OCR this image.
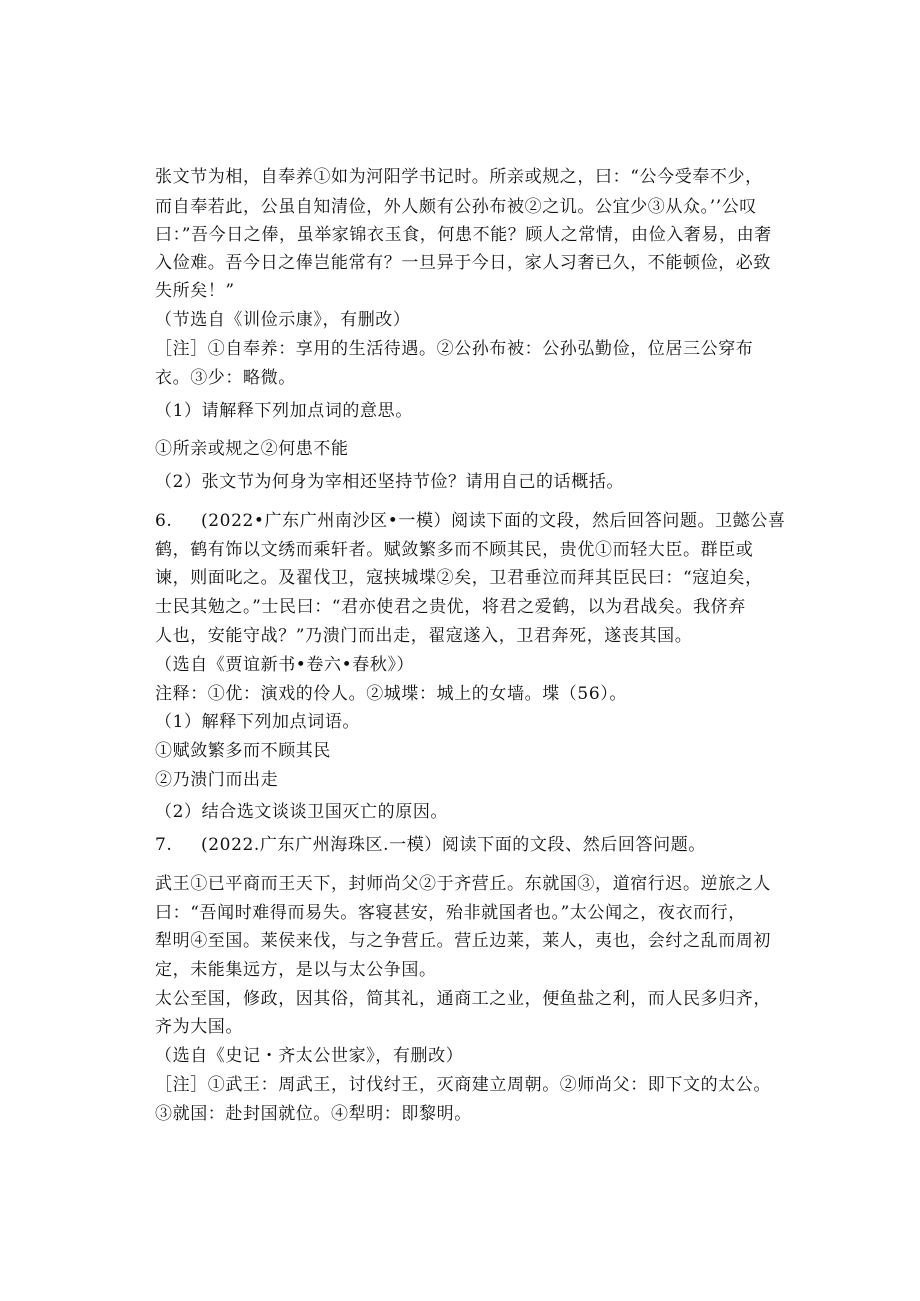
张文节为相，自奉养①如为河阳学书记时。所亲或规之，曰：“公今受奉不少，
而自奉若此，公虽自知清俭，外人颇有公孙布被②之讥。公宜少③从众。’’公叹
曰：”吾今日之俸，虽举家锦衣玉食，何患不能？顾人之常情，由俭入奢易，由奢
入俭难。吾今日之俸岂能常有？一旦异于今日，家人习奢已久，不能顿俭，必致
失所矣！”
（节选自《训俭示康》，有删改）
［注］①自奉养：享用的生活待遇。②公孙布被：公孙弘勤俭，位居三公穿布
衣。③少：略微。
（1）请解释下列加点词的意思。
①所亲或规之②何患不能
（2）张文节为何身为宰相还坚持节俭？请用自己的话概括。
6. (2022•广东广州南沙区•一模）阅读下面的文段，然后回答问题。卫懿公喜
鹤，鹤有饰以文绣而乘轩者。赋敛繁多而不顾其民，贵优①而轻大臣。群臣或
谏，则面叱之。及翟伐卫，寇挟城堞②矣，卫君垂泣而拜其臣民曰：“寇迫矣，
士民其勉之。”士民曰：“君亦使君之贵优，将君之爱鹤，以为君战矣。我侪弃
人也，安能守战？”乃溃门而出走，翟寇遂入，卫君奔死，遂丧其国。
（选自《贾谊新书•卷六•春秋》）
注释：①优：演戏的伶人。②城堞：城上的女墙。堞（56）。
（1）解释下列加点词语。
①赋敛繁多而不顾其民
②乃溃门而出走
（2）结合选文谈谈卫国灭亡的原因。
7. (2022.广东广州海珠区.一模）阅读下面的文段、然后回答问题。
武王①已平商而王天下，封师尚父②于齐营丘。东就国③，道宿行迟。逆旅之人
曰：“吾闻时难得而易失。客寝甚安，殆非就国者也。”太公闻之，夜衣而行，
犁明④至国。莱侯来伐，与之争营丘。营丘边莱，莱人，夷也，会纣之乱而周初
定，未能集远方，是以与太公争国。
太公至国，修政，因其俗，简其礼，通商工之业，便鱼盐之利，而人民多归齐，
齐为大国。
（选自《史记・齐太公世家》，有删改）
［注］①武王：周武王，讨伐纣王，灭商建立周朝。②师尚父：即下文的太公。
③就国：赴封国就位。④犁明：即黎明。
